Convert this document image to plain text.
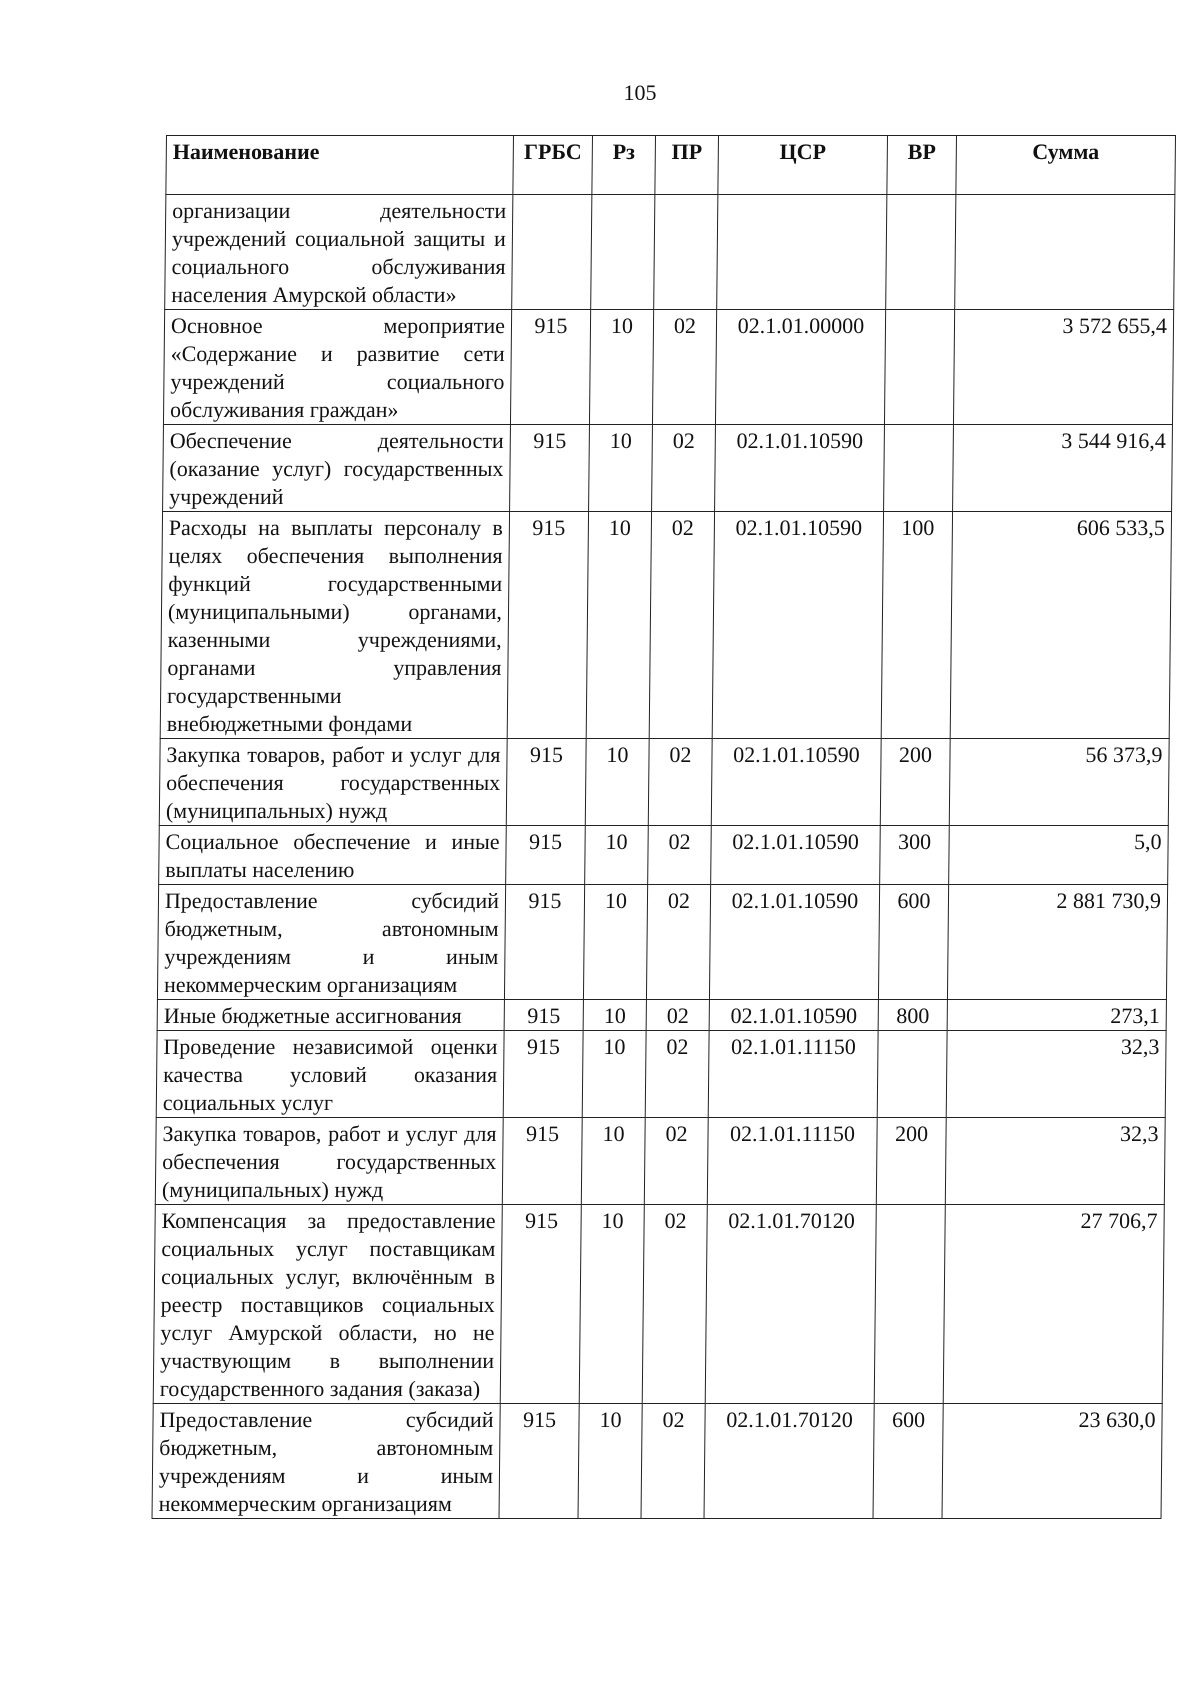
105
Наименование	ГРБС	Рз	ПР	ЦСР	ВР	Сумма
организации деятельности учреждений социальной защиты и социального обслуживания населения Амурской области»						
Основное мероприятие «Содержание и развитие сети учреждений социального обслуживания граждан»	915	10	02	02.1.01.00000		3 572 655,4
Обеспечение деятельности (оказание услуг) государственных учреждений	915	10	02	02.1.01.10590		3 544 916,4
Расходы на выплаты персоналу в целях обеспечения выполнения функций государственными (муниципальными) органами, казенными учреждениями, органами управления государственными внебюджетными фондами	915	10	02	02.1.01.10590	100	606 533,5
Закупка товаров, работ и услуг для обеспечения государственных (муниципальных) нужд	915	10	02	02.1.01.10590	200	56 373,9
Социальное обеспечение и иные выплаты населению	915	10	02	02.1.01.10590	300	5,0
Предоставление субсидий бюджетным, автономным учреждениям и иным некоммерческим организациям	915	10	02	02.1.01.10590	600	2 881 730,9
Иные бюджетные ассигнования	915	10	02	02.1.01.10590	800	273,1
Проведение независимой оценки качества условий оказания социальных услуг	915	10	02	02.1.01.11150		32,3
Закупка товаров, работ и услуг для обеспечения государственных (муниципальных) нужд	915	10	02	02.1.01.11150	200	32,3
Компенсация за предоставление социальных услуг поставщикам социальных услуг, включённым в реестр поставщиков социальных услуг Амурской области, но не участвующим в выполнении государственного задания (заказа)	915	10	02	02.1.01.70120		27 706,7
Предоставление субсидий бюджетным, автономным учреждениям и иным некоммерческим организациям	915	10	02	02.1.01.70120	600	23 630,0
